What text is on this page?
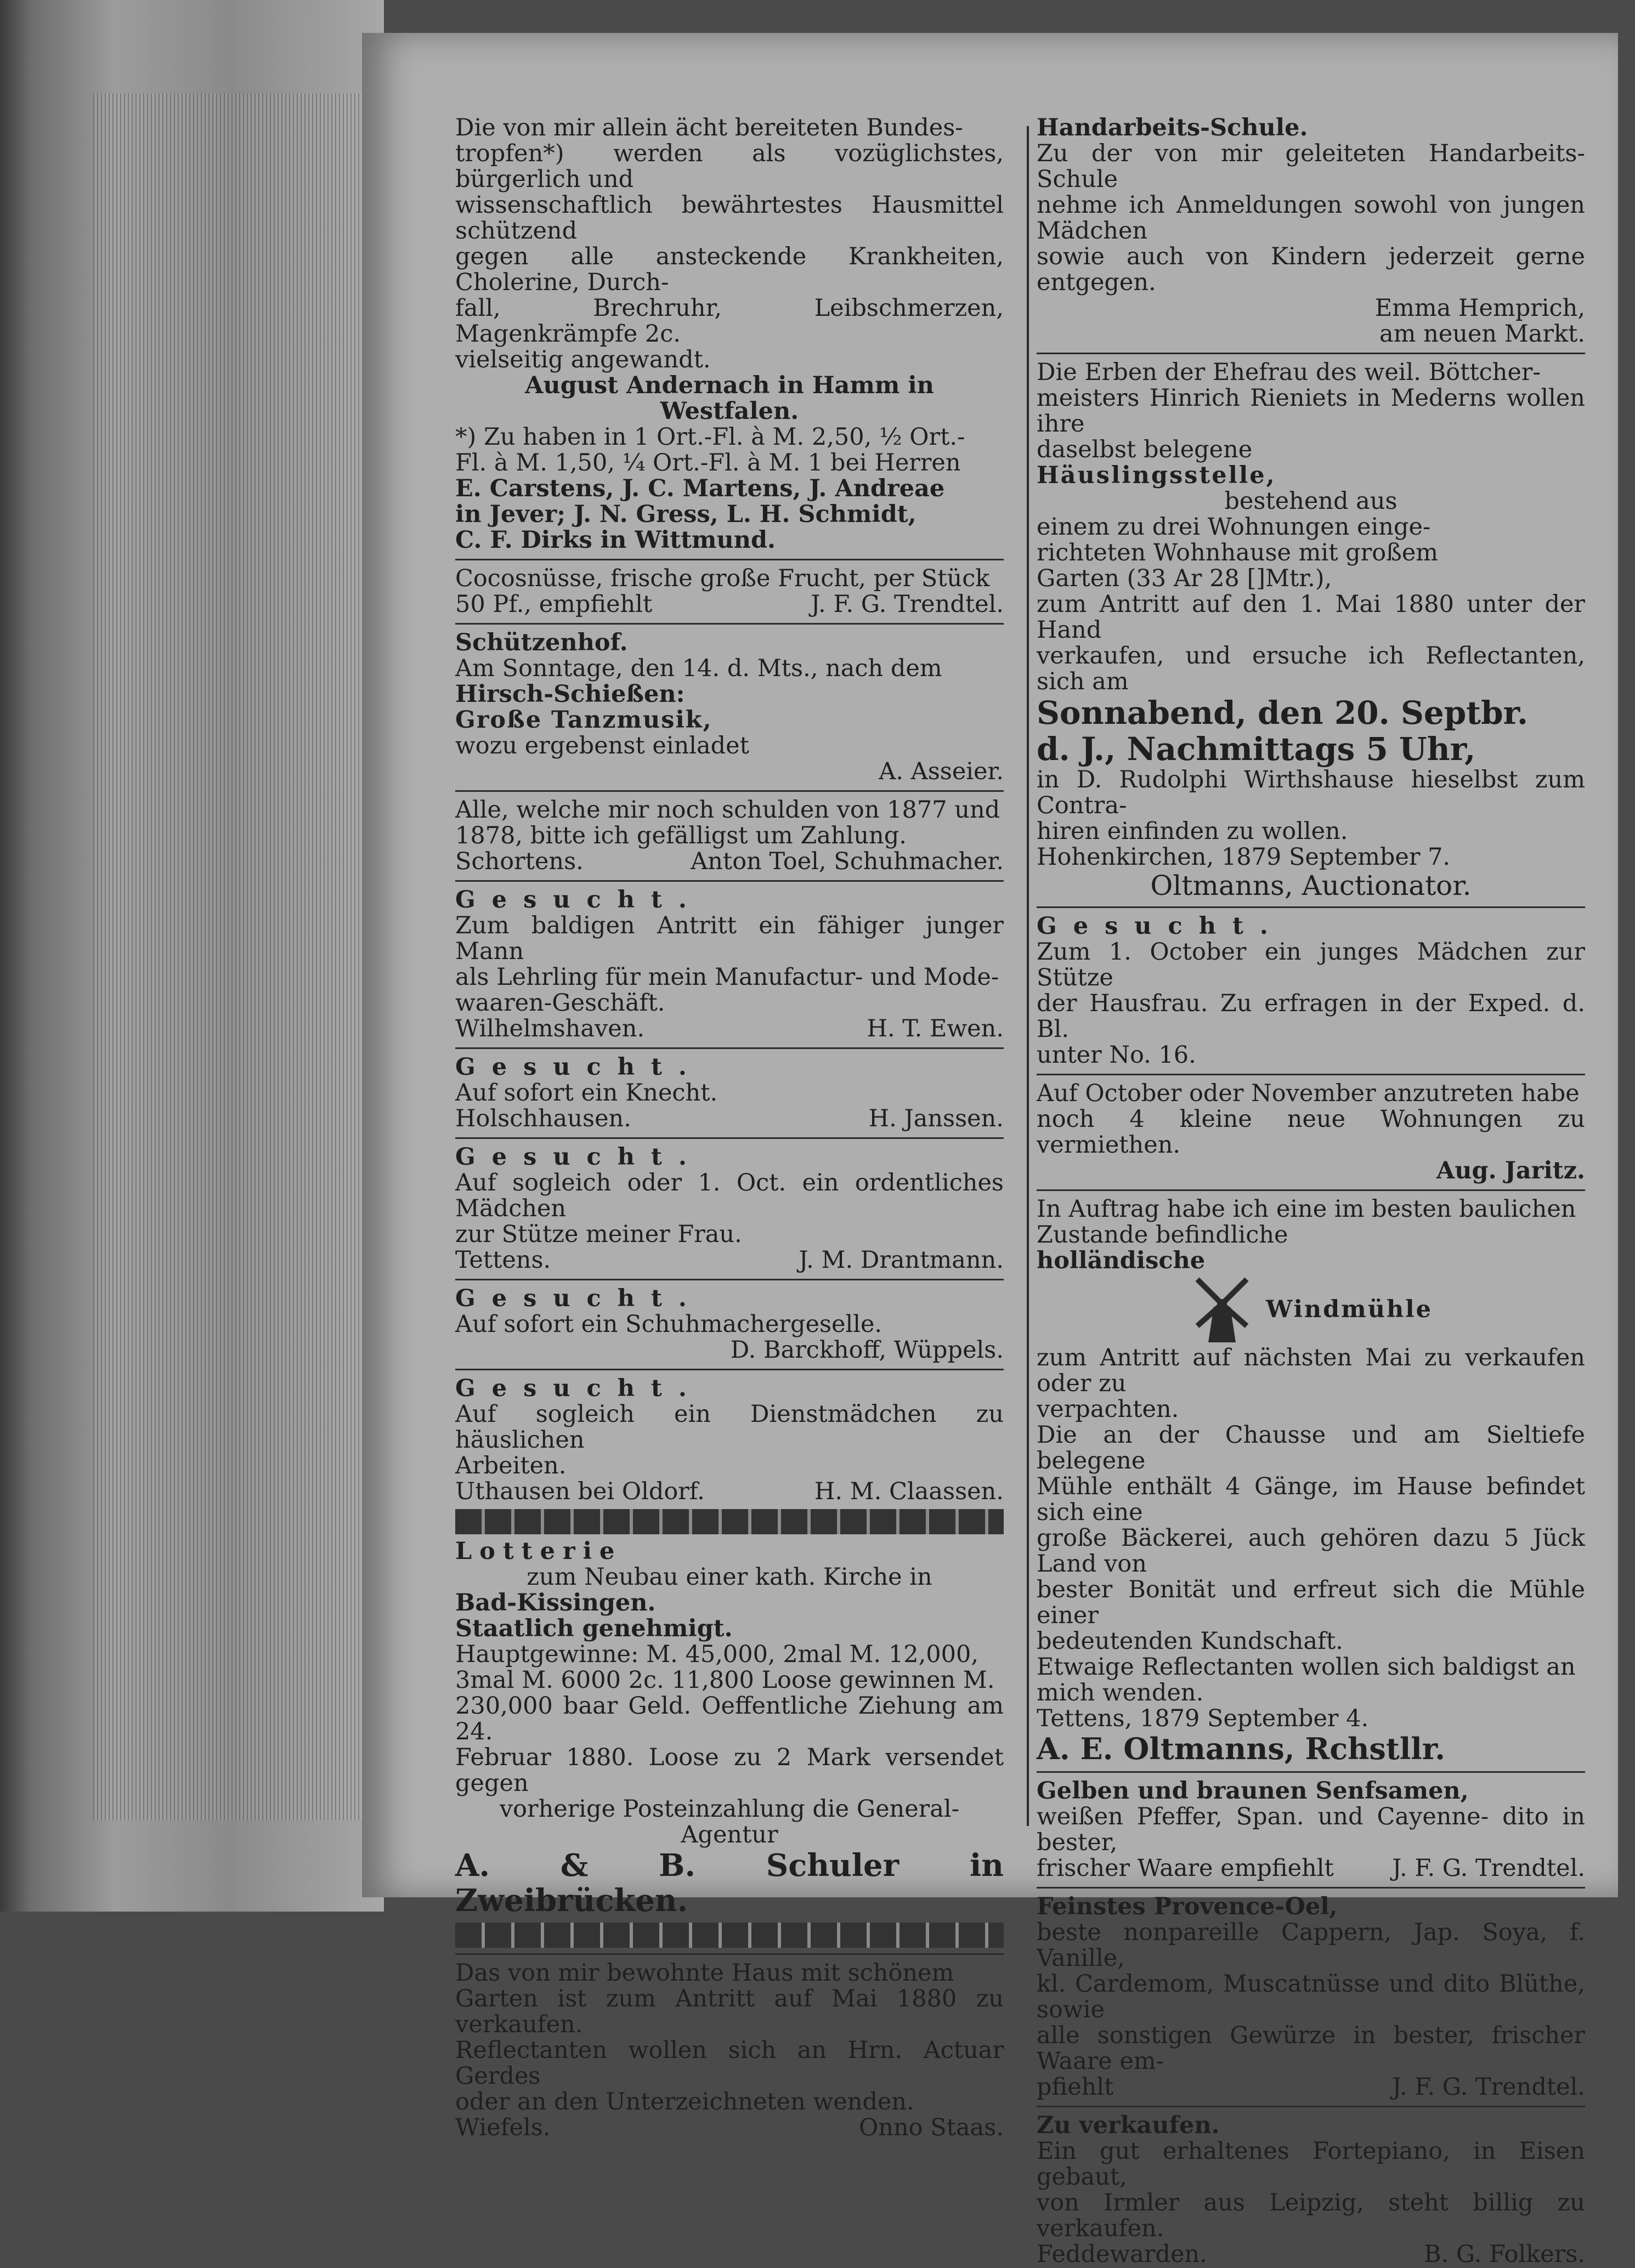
Die von mir allein ächt bereiteten Bundes-

tropfen*) werden als vozüglichstes, bürgerlich und

wissenschaftlich bewährtestes Hausmittel schützend

gegen alle ansteckende Krankheiten, Cholerine, Durch-

fall, Brechruhr, Leibschmerzen, Magenkrämpfe 2c.

vielseitig angewandt.

August Andernach in Hamm in Westfalen.

*) Zu haben in 1 Ort.-Fl. à M. 2,50, ½ Ort.-

Fl. à M. 1,50, ¼ Ort.-Fl. à M. 1 bei Herren

E. Carstens, J. C. Martens, J. Andreae

in Jever; J. N. Gress, L. H. Schmidt,

C. F. Dirks in Wittmund.

Cocosnüsse, frische große Frucht, per Stück

50 Pf., empfiehlt	J. F. G. Trendtel.

Schützenhof.

Am Sonntage, den 14. d. Mts., nach dem

Hirsch-Schießen:

Große Tanzmusik,

wozu ergebenst einladet

A. Asseier.

Alle, welche mir noch schulden von 1877 und

1878, bitte ich gefälligst um Zahlung.

Schortens.	Anton Toel, Schuhmacher.

Gesucht.

Zum baldigen Antritt ein fähiger junger Mann

als Lehrling für mein Manufactur- und Mode-

waaren-Geschäft.

Wilhelmshaven.	H. T. Ewen.

Gesucht.

Auf sofort ein Knecht.

Holschhausen.	H. Janssen.

Gesucht.

Auf sogleich oder 1. Oct. ein ordentliches Mädchen

zur Stütze meiner Frau.

Tettens.	J. M. Drantmann.

Gesucht.

Auf sofort ein Schuhmachergeselle.

D. Barckhoff, Wüppels.

Gesucht.

Auf sogleich ein Dienstmädchen zu häuslichen

Arbeiten.

Uthausen bei Oldorf.	H. M. Claassen.

Lotterie

zum Neubau einer kath. Kirche in

Bad-Kissingen.

Staatlich genehmigt.

Hauptgewinne: M. 45,000, 2mal M. 12,000,

3mal M. 6000 2c. 11,800 Loose gewinnen M.

230,000 baar Geld. Oeffentliche Ziehung am 24.

Februar 1880. Loose zu 2 Mark versendet gegen

vorherige Posteinzahlung die General-Agentur

A. & B. Schuler in Zweibrücken.

Das von mir bewohnte Haus mit schönem

Garten ist zum Antritt auf Mai 1880 zu verkaufen.

Reflectanten wollen sich an Hrn. Actuar Gerdes

oder an den Unterzeichneten wenden.

Wiefels.	Onno Staas.

Handarbeits-Schule.

Zu der von mir geleiteten Handarbeits-Schule

nehme ich Anmeldungen sowohl von jungen Mädchen

sowie auch von Kindern jederzeit gerne entgegen.

Emma Hemprich,

am neuen Markt.

Die Erben der Ehefrau des weil. Böttcher-

meisters Hinrich Rieniets in Mederns wollen ihre

daselbst belegene

Häuslingsstelle,

bestehend aus

einem zu drei Wohnungen einge-

richteten Wohnhause mit großem

Garten (33 Ar 28 []Mtr.),

zum Antritt auf den 1. Mai 1880 unter der Hand

verkaufen, und ersuche ich Reflectanten, sich am

Sonnabend, den 20. Septbr.

d. J., Nachmittags 5 Uhr,

in D. Rudolphi Wirthshause hieselbst zum Contra-

hiren einfinden zu wollen.

Hohenkirchen, 1879 September 7.

Oltmanns, Auctionator.

Gesucht.

Zum 1. October ein junges Mädchen zur Stütze

der Hausfrau. Zu erfragen in der Exped. d. Bl.

unter No. 16.

Auf October oder November anzutreten habe

noch 4 kleine neue Wohnungen zu vermiethen.

Aug. Jaritz.

In Auftrag habe ich eine im besten baulichen

Zustande befindliche

holländische

Windmühle

zum Antritt auf nächsten Mai zu verkaufen oder zu

verpachten.

Die an der Chausse und am Sieltiefe belegene

Mühle enthält 4 Gänge, im Hause befindet sich eine

große Bäckerei, auch gehören dazu 5 Jück Land von

bester Bonität und erfreut sich die Mühle einer

bedeutenden Kundschaft.

Etwaige Reflectanten wollen sich baldigst an

mich wenden.

Tettens, 1879 September 4.

A. E. Oltmanns, Rchstllr.

Gelben und braunen Senfsamen,

weißen Pfeffer, Span. und Cayenne- dito in bester,

frischer Waare empfiehlt J. F. G. Trendtel.

Feinstes Provence-Oel,

beste nonpareille Cappern, Jap. Soya, f. Vanille,

kl. Cardemom, Muscatnüsse und dito Blüthe, sowie

alle sonstigen Gewürze in bester, frischer Waare em-

pfiehlt	J. F. G. Trendtel.

Zu verkaufen.

Ein gut erhaltenes Fortepiano, in Eisen gebaut,

von Irmler aus Leipzig, steht billig zu verkaufen.

Feddewarden.	B. G. Folkers.
